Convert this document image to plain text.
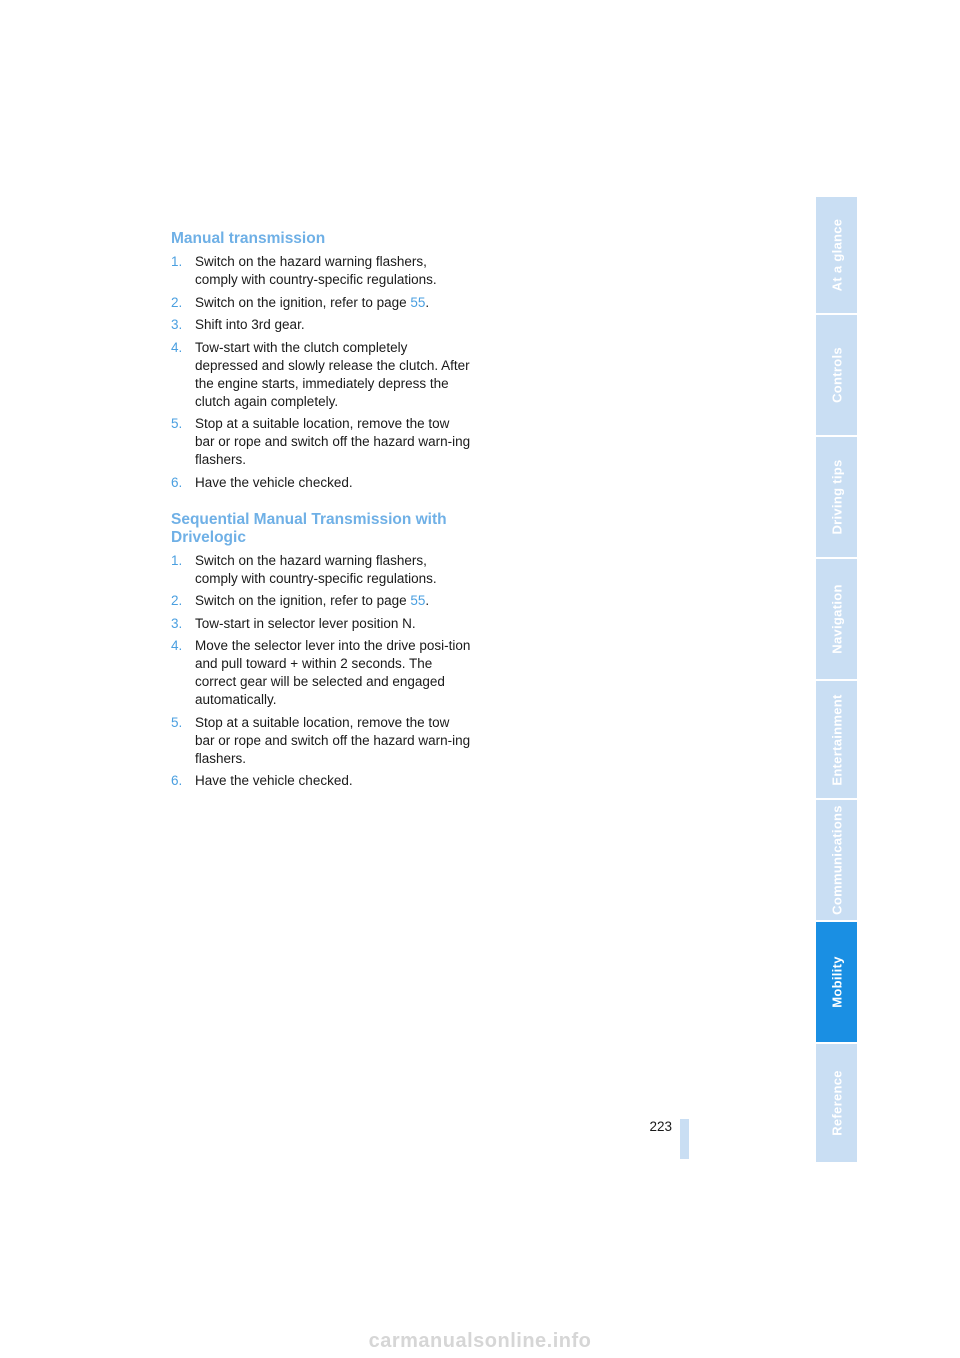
Manual transmission
1. Switch on the hazard warning flashers, comply with country-specific regulations.
2. Switch on the ignition, refer to page 55.
3. Shift into 3rd gear.
4. Tow-start with the clutch completely depressed and slowly release the clutch. After the engine starts, immediately depress the clutch again completely.
5. Stop at a suitable location, remove the tow bar or rope and switch off the hazard warn-ing flashers.
6. Have the vehicle checked.
Sequential Manual Transmission with Drivelogic
1. Switch on the hazard warning flashers, comply with country-specific regulations.
2. Switch on the ignition, refer to page 55.
3. Tow-start in selector lever position N.
4. Move the selector lever into the drive posi-tion and pull toward + within 2 seconds. The correct gear will be selected and engaged automatically.
5. Stop at a suitable location, remove the tow bar or rope and switch off the hazard warn-ing flashers.
6. Have the vehicle checked.
223
At a glance
Controls
Driving tips
Navigation
Entertainment
Communications
Mobility
Reference
carmanualsonline.info
